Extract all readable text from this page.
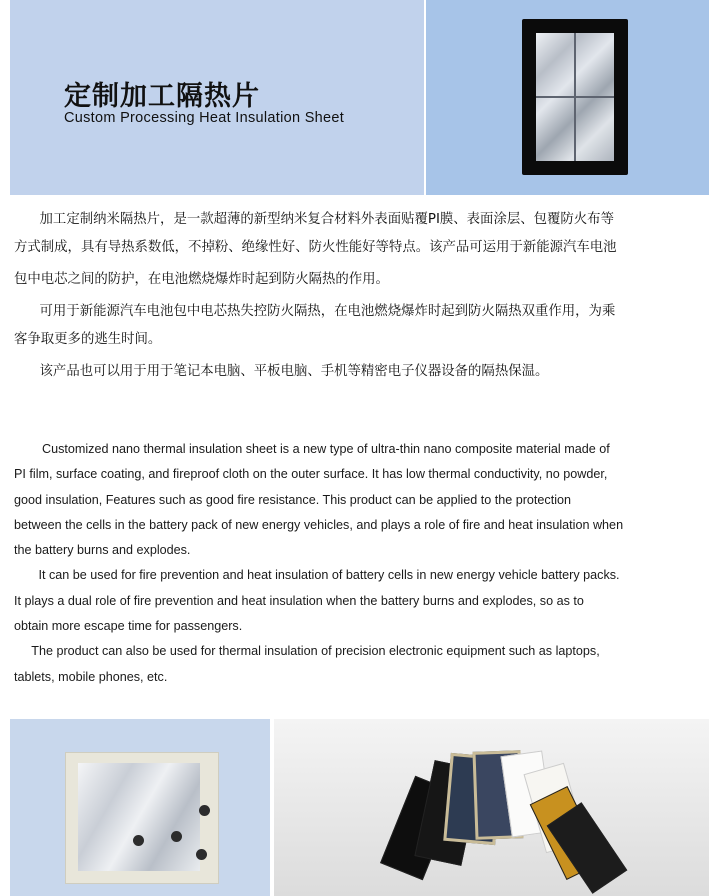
定制加工隔热片
Custom Processing Heat Insulation Sheet
加工定制纳米隔热片，是一款超薄的新型纳米复合材料外表面贴覆PI膜、表面涂层、包覆防火布等
方式制成，具有导热系数低，不掉粉、绝缘性好、防火性能好等特点。该产品可运用于新能源汽车电池
包中电芯之间的防护，在电池燃烧爆炸时起到防火隔热的作用。
可用于新能源汽车电池包中电芯热失控防火隔热，在电池燃烧爆炸时起到防火隔热双重作用，为乘
客争取更多的逃生时间。
该产品也可以用于用于笔记本电脑、平板电脑、手机等精密电子仪器设备的隔热保温。
Customized nano thermal insulation sheet is a new type of ultra-thin nano composite material made of
PI film, surface coating, and fireproof cloth on the outer surface. It has low thermal conductivity, no powder,
good insulation, Features such as good fire resistance. This product can be applied to the protection
between the cells in the battery pack of new energy vehicles, and plays a role of fire and heat insulation when
the battery burns and explodes.
It can be used for fire prevention and heat insulation of battery cells in new energy vehicle battery packs.
It plays a dual role of fire prevention and heat insulation when the battery burns and explodes, so as to
obtain more escape time for passengers.
The product can also be used for thermal insulation of precision electronic equipment such as laptops,
tablets, mobile phones, etc.
